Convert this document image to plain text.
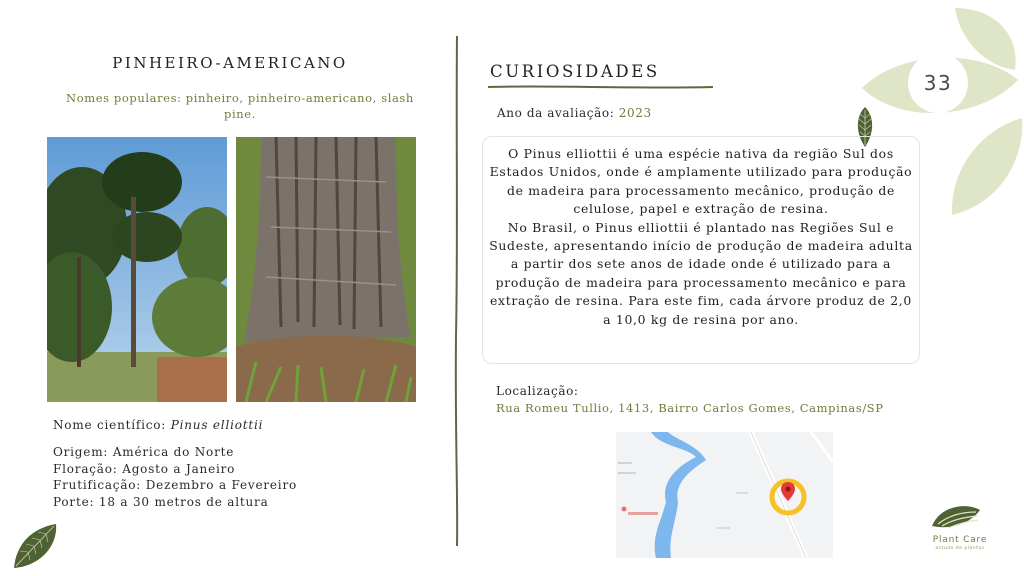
33
PINHEIRO-AMERICANO
Nomes populares: pinheiro, pinheiro-americano, slash pine.
Nome científico: Pinus elliottii
Origem: América do Norte
Floração: Agosto a Janeiro
Frutificação: Dezembro a Fevereiro
Porte: 18 a 30 metros de altura
CURIOSIDADES
Ano da avaliação: 2023

O Pinus elliottii é uma espécie nativa da região Sul dos Estados Unidos, onde é amplamente utilizado para produção de madeira para processamento mecânico, produção de celulose, papel e extração de resina.

No Brasil, o Pinus elliottii é plantado nas Regiões Sul e Sudeste, apresentando início de produção de madeira adulta a partir dos sete anos de idade onde é utilizado para a produção de madeira para processamento mecânico e para extração de resina. Para este fim, cada árvore produz de 2,0 a 10,0 kg de resina por ano.

Localização:
Rua Romeu Tullio, 1413, Bairro Carlos Gomes, Campinas/SP
Plant Care
estudo de plantas
